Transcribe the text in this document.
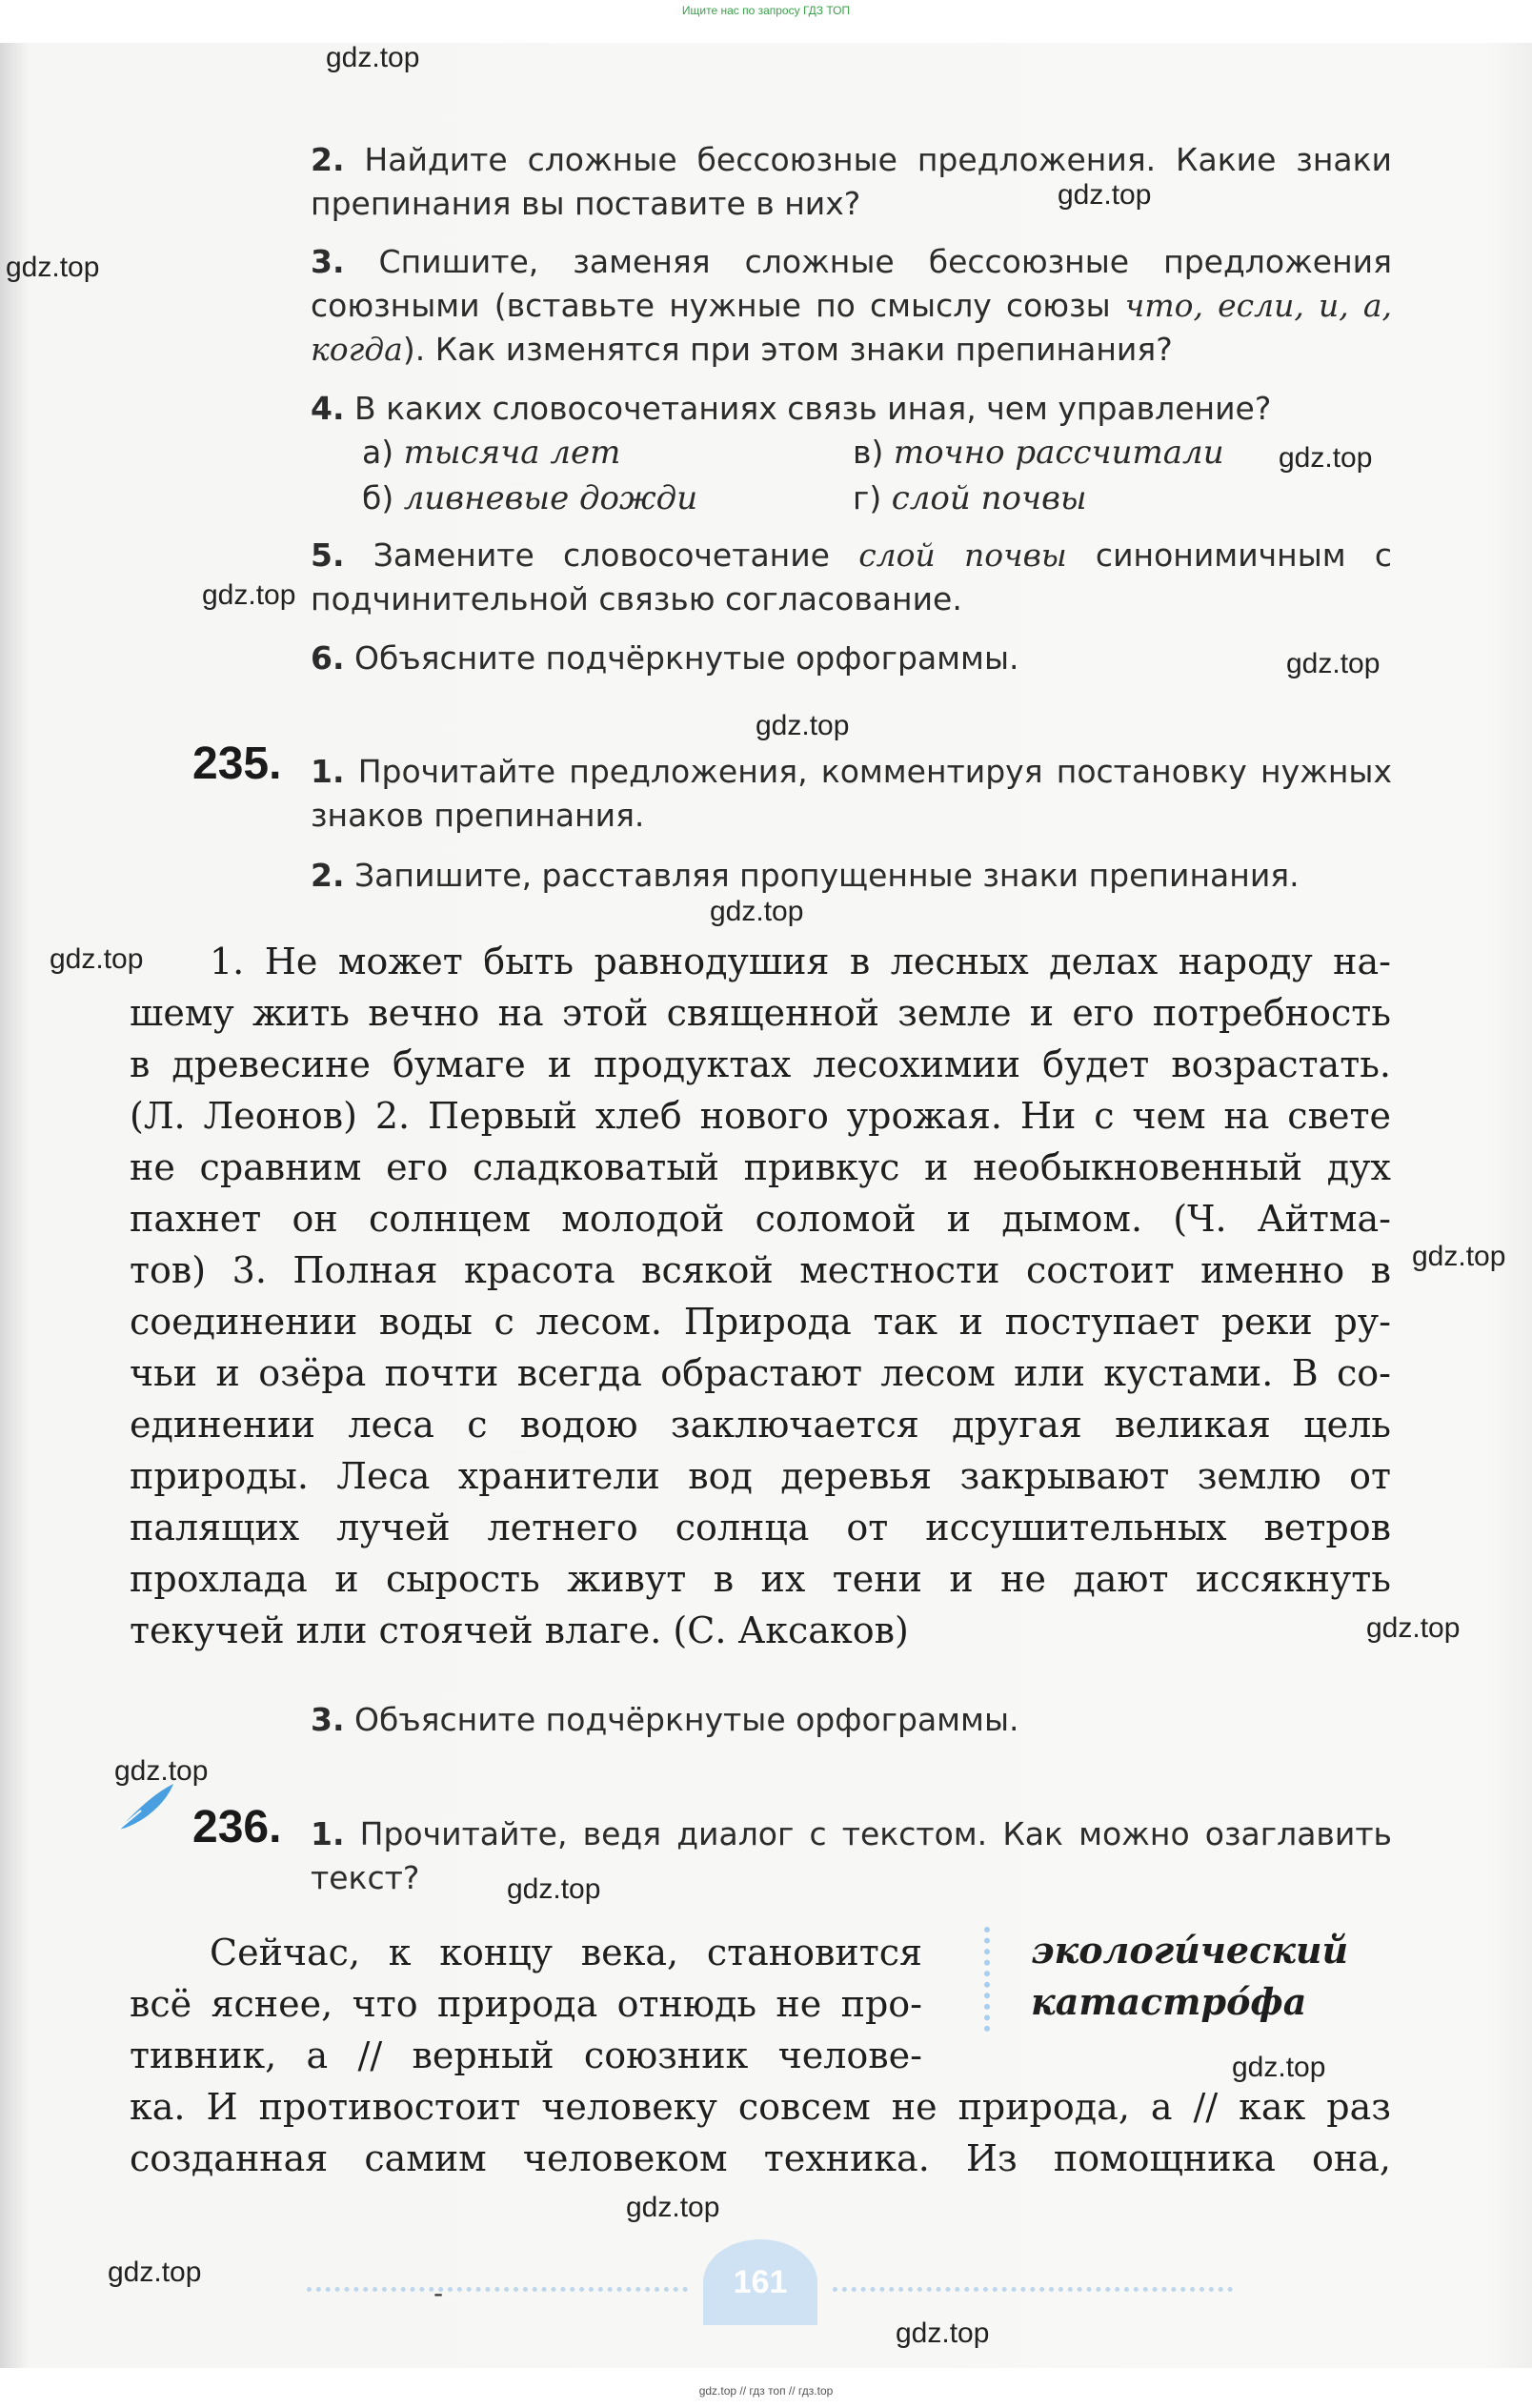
Ищите нас по запросу ГДЗ ТОП
gdz.top
gdz.top
gdz.top
gdz.top
gdz.top
gdz.top
gdz.top
gdz.top
gdz.top
gdz.top
gdz.top
gdz.top
gdz.top
gdz.top
gdz.top
gdz.top
gdz.top
2. Найдите сложные бессоюзные предложения. Какие знаки препинания вы поставите в них?
3. Спишите, заменяя сложные бессоюзные предложения союзными (вставьте нужные по смыслу союзы что, если, и, а, когда). Как изменятся при этом знаки препинания?
4. В каких словосочетаниях связь иная, чем управление?
а) тысяча лет	в) точно рассчитали
б) ливневые дожди	г) слой почвы
5. Замените словосочетание слой почвы синонимичным с подчинительной связью согласование.
6. Объясните подчёркнутые орфограммы.
235. 1. Прочитайте предложения, комментируя постановку нужных знаков препинания.
2. Запишите, расставляя пропущенные знаки препинания.
1. Не может быть равнодушия в лесных делах народу на-
шему жить вечно на этой священной земле и его потребность
в древесине бумаге и продуктах лесохимии будет возрастать.
(Л. Леонов) 2. Первый хлеб нового урожая. Ни с чем на свете
не сравним его сладковатый привкус и необыкновенный дух
пахнет он солнцем молодой соломой и дымом. (Ч. Айтма-
тов) 3. Полная красота всякой местности состоит именно в
соединении воды с лесом. Природа так и поступает реки ру-
чьи и озёра почти всегда обрастают лесом или кустами. В со-
единении леса с водою заключается другая великая цель
природы. Леса хранители вод деревья закрывают землю от
палящих лучей летнего солнца от иссушительных ветров
прохлада и сырость живут в их тени и не дают иссякнуть
текучей или стоячей влаге. (С. Аксаков)
3. Объясните подчёркнутые орфограммы.
236. 1. Прочитайте, ведя диалог с текстом. Как можно озаглавить текст?
экологи́ческий
катастро́фа
Сейчас, к концу века, становится
всё яснее, что природа отнюдь не про-
тивник, а // верный союзник челове-
ка. И противостоит человеку совсем не природа, а // как раз
созданная самим человеком техника. Из помощника она,
-	161
gdz.top // гдз топ // гдз.top
